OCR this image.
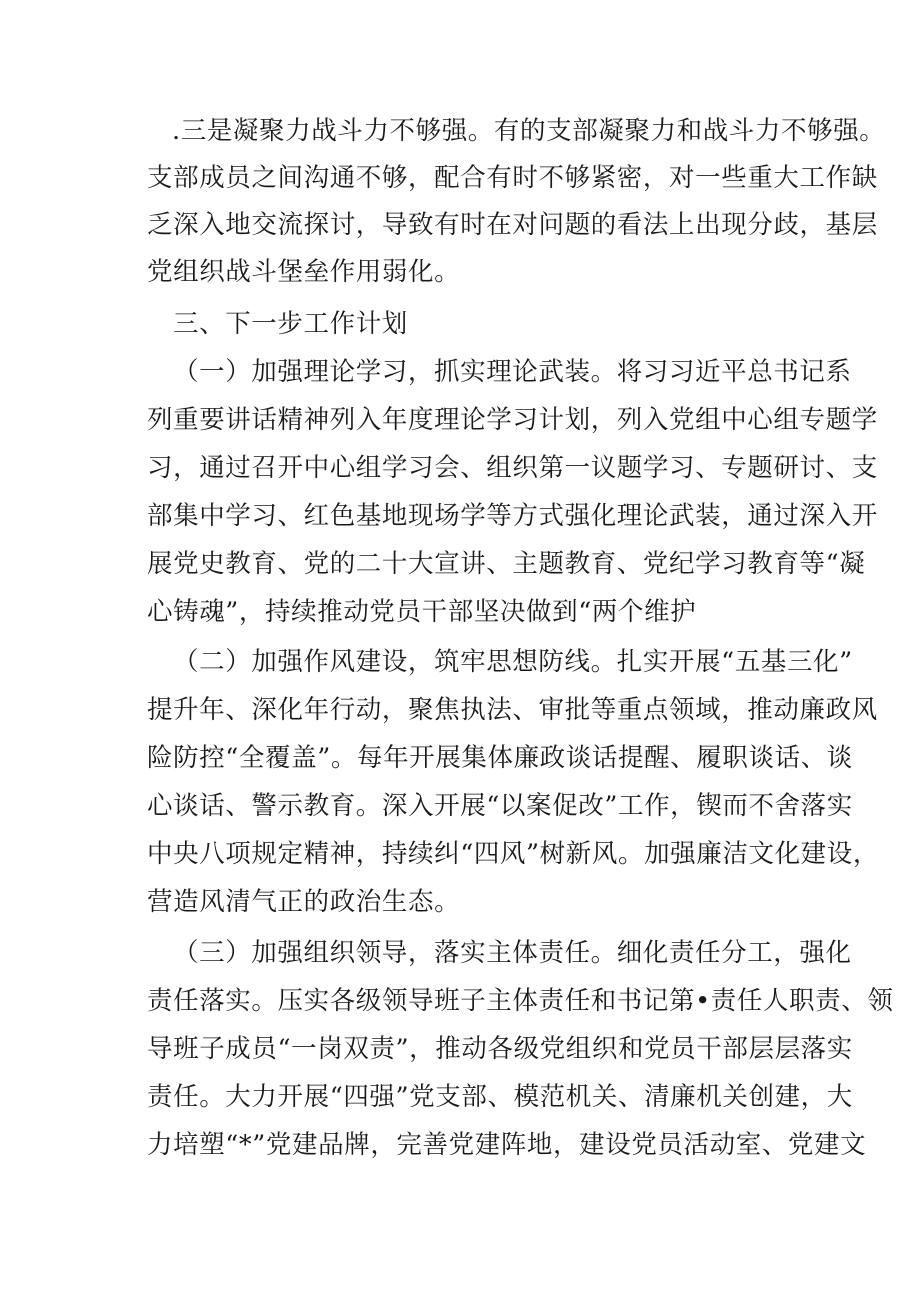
.三是凝聚力战斗力不够强。有的支部凝聚力和战斗力不够强。
支部成员之间沟通不够，配合有时不够紧密，对一些重大工作缺
乏深入地交流探讨，导致有时在对问题的看法上出现分歧，基层
党组织战斗堡垒作用弱化。
三、下一步工作计划
（一）加强理论学习，抓实理论武装。将习习近平总书记系
列重要讲话精神列入年度理论学习计划，列入党组中心组专题学
习，通过召开中心组学习会、组织第一议题学习、专题研讨、支
部集中学习、红色基地现场学等方式强化理论武装，通过深入开
展党史教育、党的二十大宣讲、主题教育、党纪学习教育等“凝
心铸魂”，持续推动党员干部坚决做到“两个维护
（二）加强作风建设，筑牢思想防线。扎实开展“五基三化”
提升年、深化年行动，聚焦执法、审批等重点领域，推动廉政风
险防控“全覆盖”。每年开展集体廉政谈话提醒、履职谈话、谈
心谈话、警示教育。深入开展“以案促改”工作，锲而不舍落实
中央八项规定精神，持续纠“四风”树新风。加强廉洁文化建设，
营造风清气正的政治生态。
（三）加强组织领导，落实主体责任。细化责任分工，强化
责任落实。压实各级领导班子主体责任和书记第•责任人职责、领
导班子成员“一岗双责”，推动各级党组织和党员干部层层落实
责任。大力开展“四强”党支部、模范机关、清廉机关创建，大
力培塑“*”党建品牌，完善党建阵地，建设党员活动室、党建文
